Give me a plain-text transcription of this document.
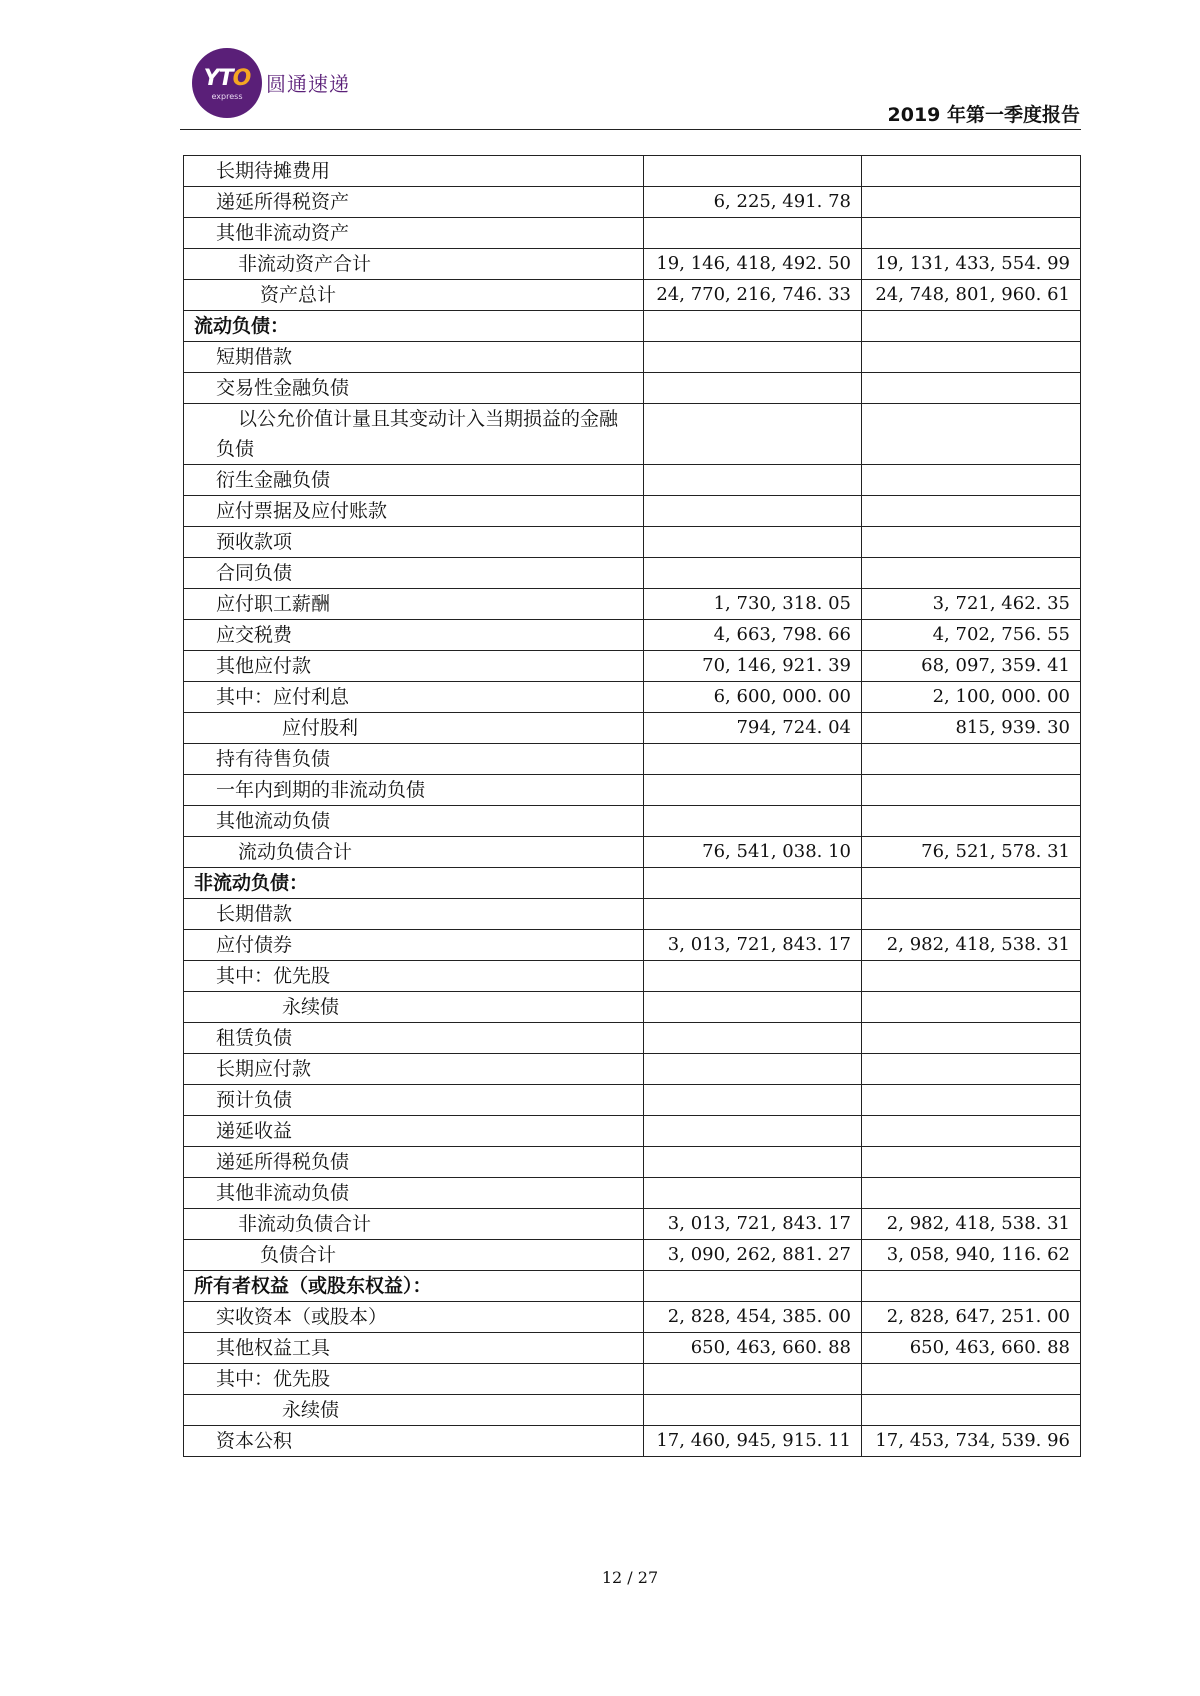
YTO
express
圆通速递
2019 年第一季度报告
长期待摊费用		
递延所得税资产	6, 225, 491. 78	
其他非流动资产		
非流动资产合计	19, 146, 418, 492. 50	19, 131, 433, 554. 99
资产总计	24, 770, 216, 746. 33	24, 748, 801, 960. 61
流动负债：		
短期借款		
交易性金融负债		
以公允价值计量且其变动计入当期损益的金融负债		
衍生金融负债		
应付票据及应付账款		
预收款项		
合同负债		
应付职工薪酬	1, 730, 318. 05	3, 721, 462. 35
应交税费	4, 663, 798. 66	4, 702, 756. 55
其他应付款	70, 146, 921. 39	68, 097, 359. 41
其中：应付利息	6, 600, 000. 00	2, 100, 000. 00
应付股利	794, 724. 04	815, 939. 30
持有待售负债		
一年内到期的非流动负债		
其他流动负债		
流动负债合计	76, 541, 038. 10	76, 521, 578. 31
非流动负债：		
长期借款		
应付债券	3, 013, 721, 843. 17	2, 982, 418, 538. 31
其中：优先股		
永续债		
租赁负债		
长期应付款		
预计负债		
递延收益		
递延所得税负债		
其他非流动负债		
非流动负债合计	3, 013, 721, 843. 17	2, 982, 418, 538. 31
负债合计	3, 090, 262, 881. 27	3, 058, 940, 116. 62
所有者权益（或股东权益）：		
实收资本（或股本）	2, 828, 454, 385. 00	2, 828, 647, 251. 00
其他权益工具	650, 463, 660. 88	650, 463, 660. 88
其中：优先股		
永续债		
资本公积	17, 460, 945, 915. 11	17, 453, 734, 539. 96
12 / 27
